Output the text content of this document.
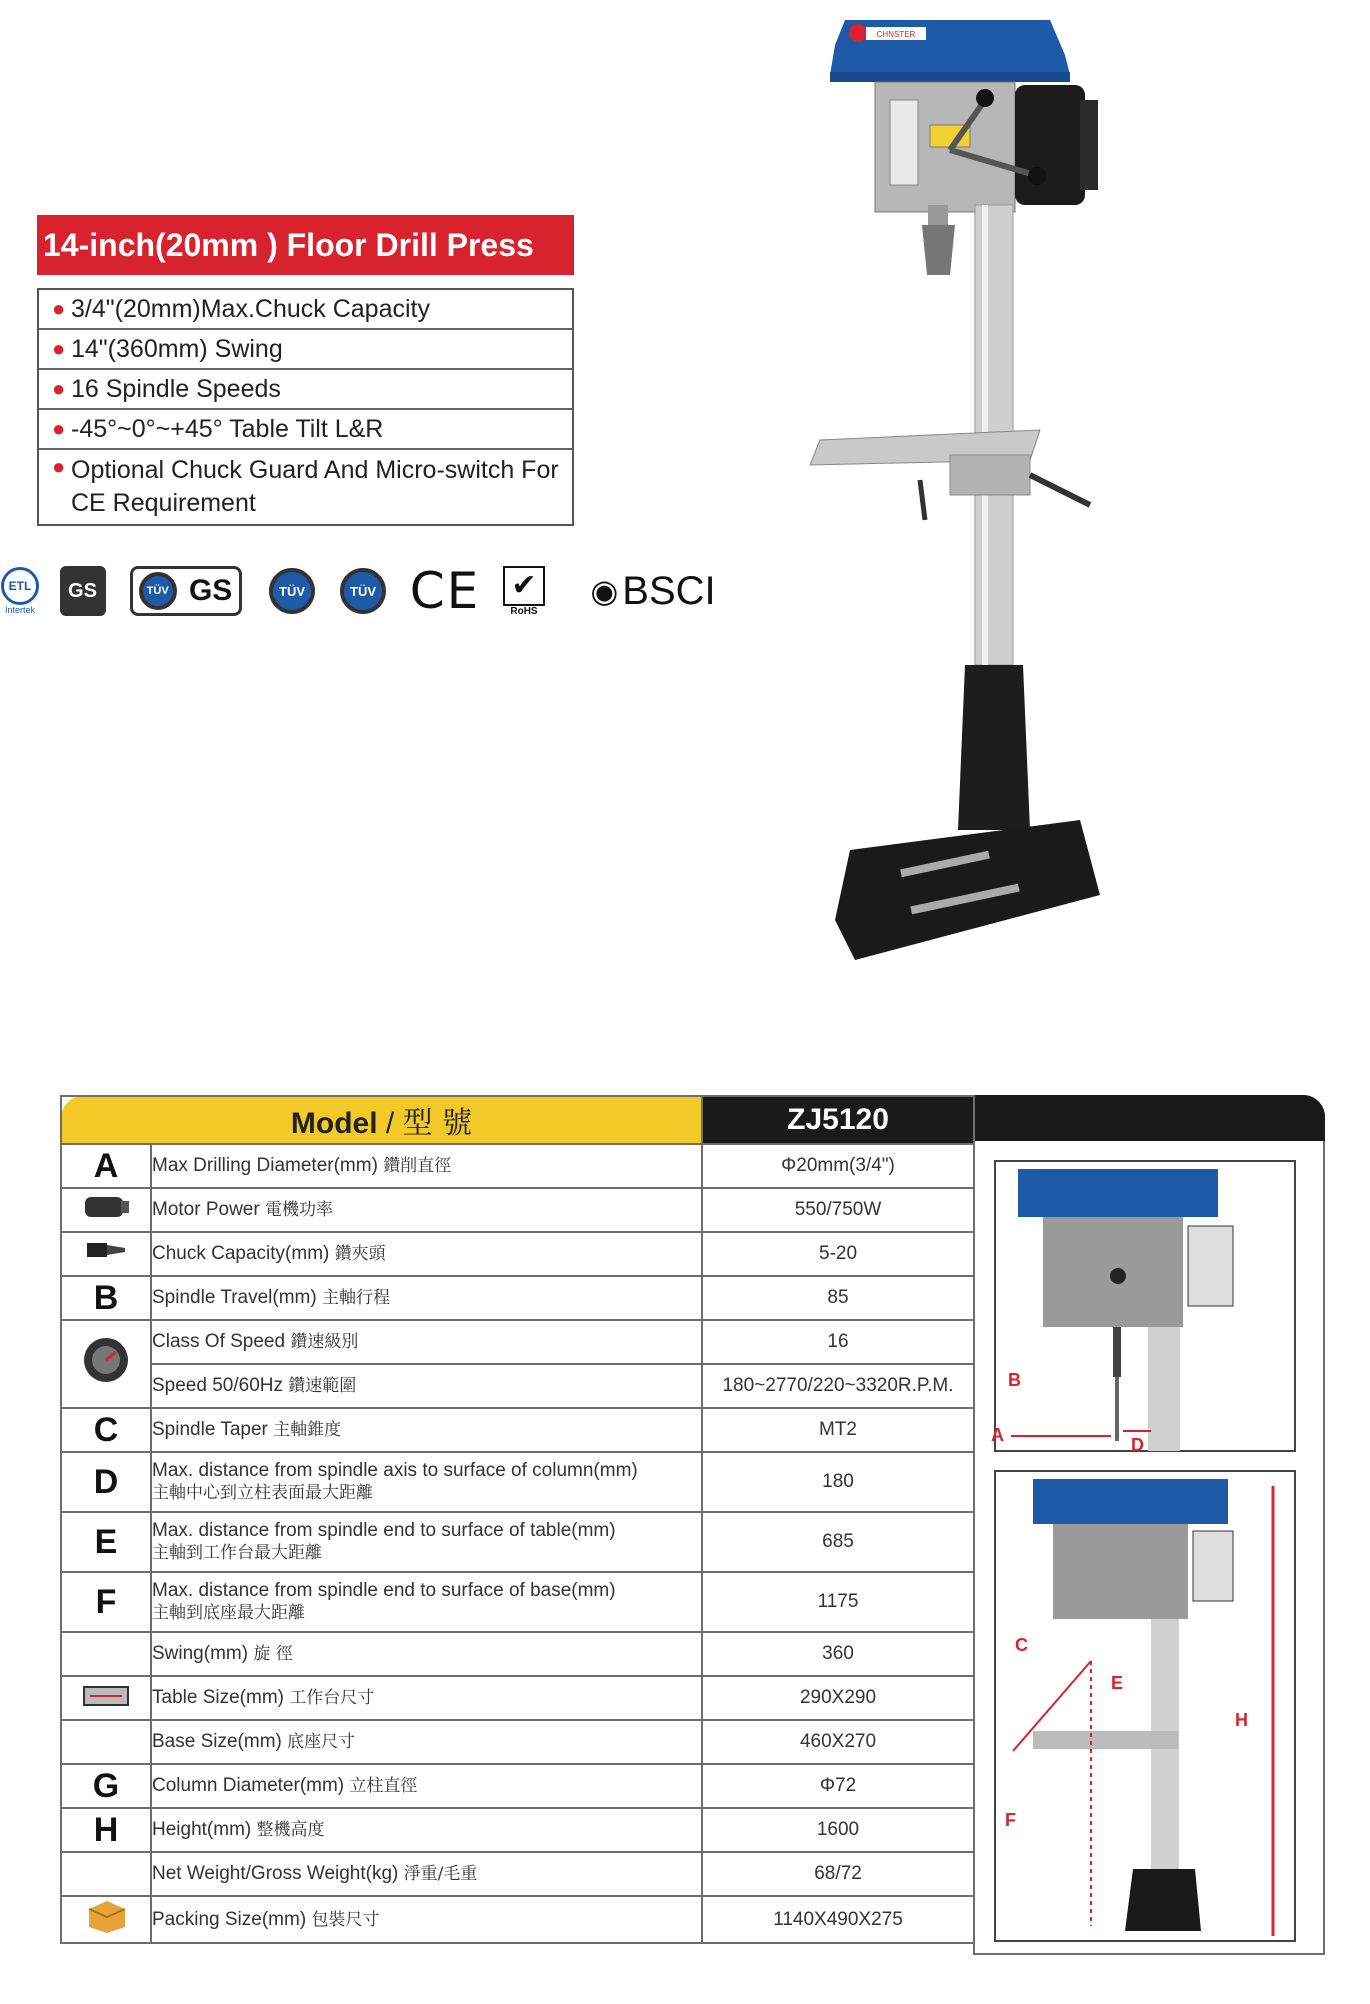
14-inch(20mm ) Floor Drill Press
● 3/4"(20mm)Max.Chuck Capacity
● 14"(360mm) Swing
● 16 Spindle Speeds
● -45°~0°~+45° Table Tilt L&R
● Optional Chuck Guard And Micro-switch For CE Requirement
ETL
Intertek
GS	TÜV GS	TÜV	TÜV CE ✔
RoHS
◉ BSCI
CHNSTER
Model / 型 號		ZJ5120
A	Max Drilling Diameter(mm) 鑽削直徑	Φ20mm(3/4")
	Motor Power 電機功率	550/750W
	Chuck Capacity(mm) 鑽夾頭	5-20
B	Spindle Travel(mm) 主軸行程	85
	Class Of Speed 鑽速級別	16
	Speed 50/60Hz 鑽速範圍	180~2770/220~3320R.P.M.
C	Spindle Taper 主軸錐度	MT2
D	Max. distance from spindle axis to surface of column(mm)
主軸中心到立柱表面最大距離	180
E	Max. distance from spindle end to surface of table(mm)
主軸到工作台最大距離	685
F	Max. distance from spindle end to surface of base(mm)
主軸到底座最大距離	1175
	Swing(mm) 旋 徑	360
	Table Size(mm) 工作台尺寸	290X290
	Base Size(mm) 底座尺寸	460X270
G	Column Diameter(mm) 立柱直徑	Φ72
H	Height(mm) 整機高度	1600
	Net Weight/Gross Weight(kg) 淨重/毛重	68/72
	Packing Size(mm) 包裝尺寸	1140X490X275
B
A	D
H
C
E
F
